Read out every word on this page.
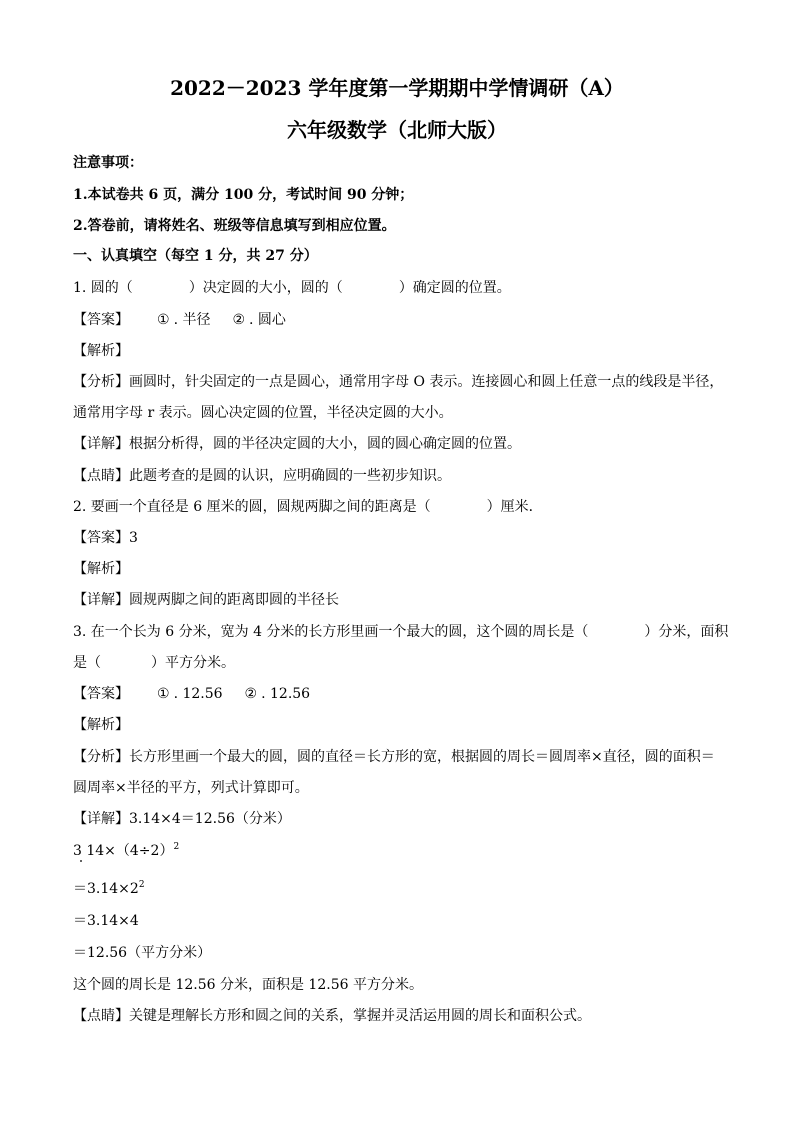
2022－2023 学年度第一学期期中学情调研（A）
六年级数学（北师大版）
注意事项：
1.本试卷共 6 页，满分 100 分，考试时间 90 分钟；
2.答卷前，请将姓名、班级等信息填写到相应位置。
一、认真填空（每空 1 分，共 27 分）
1. 圆的（	）决定圆的大小，圆的（	）确定圆的位置。
【答案】 ① . 半径 ② . 圆心
【解析】
【分析】画圆时，针尖固定的一点是圆心，通常用字母 O 表示。连接圆心和圆上任意一点的线段是半径，
通常用字母 r 表示。圆心决定圆的位置，半径决定圆的大小。
【详解】根据分析得，圆的半径决定圆的大小，圆的圆心确定圆的位置。
【点睛】此题考查的是圆的认识，应明确圆的一些初步知识。
2. 要画一个直径是 6 厘米的圆，圆规两脚之间的距离是（	）厘米．
【答案】3
【解析】
【详解】圆规两脚之间的距离即圆的半径长
3. 在一个长为 6 分米，宽为 4 分米的长方形里画一个最大的圆，这个圆的周长是（	）分米，面积
是（	）平方分米。
【答案】 ① . 12.56 ② . 12.56
【解析】
【分析】长方形里画一个最大的圆，圆的直径＝长方形的宽，根据圆的周长＝圆周率×直径，圆的面积＝
圆周率×半径的平方，列式计算即可。
【详解】3.14×4＝12.56（分米）
3 $14\times(4\div 2)^2$
$=3.14\times 2^2$
＝3.14×4
＝12.56（平方分米）
这个圆的周长是 12.56 分米，面积是 12.56 平方分米。
【点睛】关键是理解长方形和圆之间的关系，掌握并灵活运用圆的周长和面积公式。
